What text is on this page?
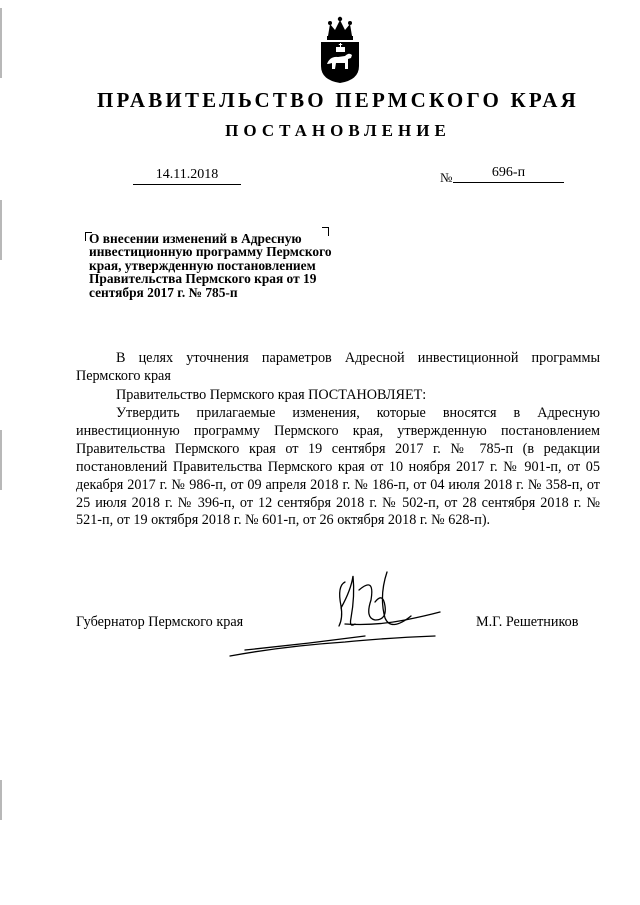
ПРАВИТЕЛЬСТВО ПЕРМСКОГО КРАЯ
ПОСТАНОВЛЕНИЕ
14.11.2018	№	696-п
О внесении изменений в Адресную инвестиционную программу Пермского края, утвержденную постановлением Правительства Пермского края от 19 сентября 2017 г. № 785-п
В целях уточнения параметров Адресной инвестиционной программы Пермского края
Правительство Пермского края ПОСТАНОВЛЯЕТ:
Утвердить прилагаемые изменения, которые вносятся в Адресную инвестиционную программу Пермского края, утвержденную постановлением Правительства Пермского края от 19 сентября 2017 г. № 785-п (в редакции постановлений Правительства Пермского края от 10 ноября 2017 г. № 901-п, от 05 декабря 2017 г. № 986-п, от 09 апреля 2018 г. № 186-п, от 04 июля 2018 г. № 358-п, от 25 июля 2018 г. № 396-п, от 12 сентября 2018 г. № 502-п, от 28 сентября 2018 г. № 521-п, от 19 октября 2018 г. № 601-п, от 26 октября 2018 г. № 628-п).
Губернатор Пермского края	М.Г. Решетников
